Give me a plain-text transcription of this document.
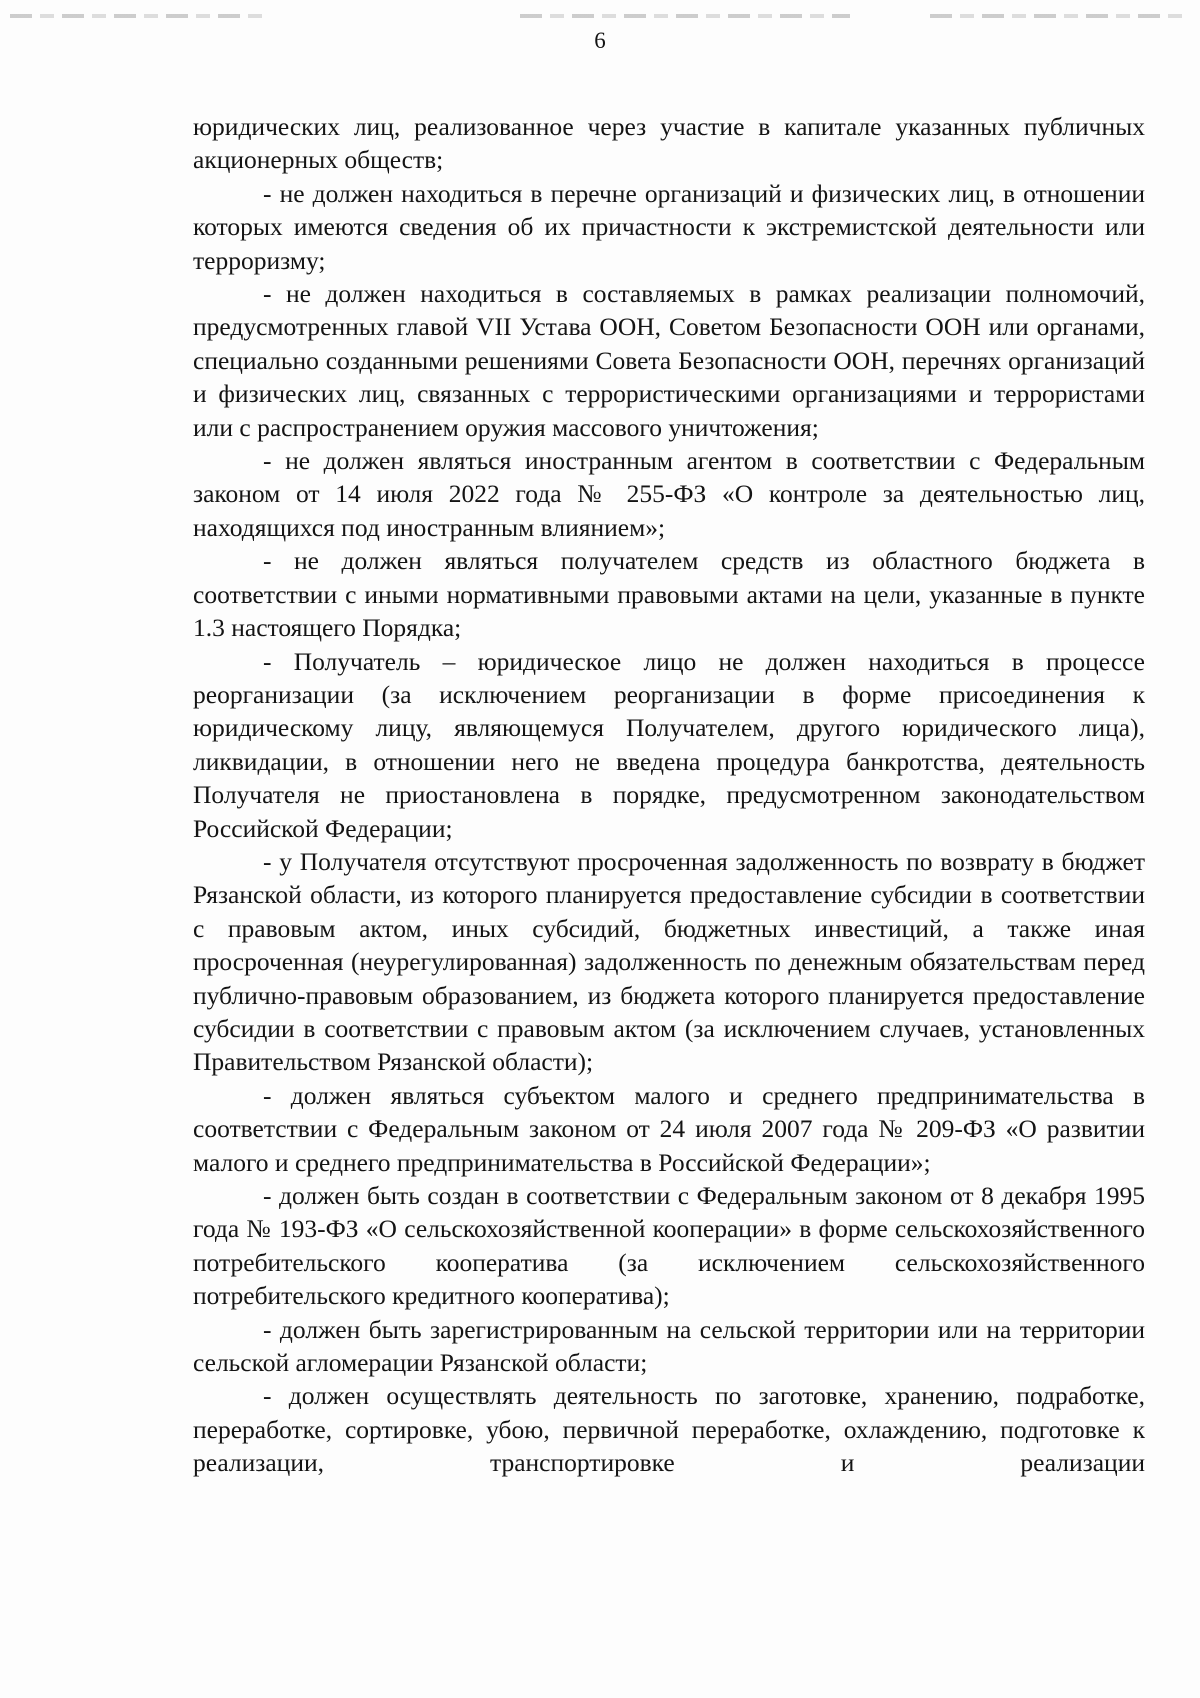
6

юридических лиц, реализованное через участие в капитале указанных публичных акционерных обществ;

- не должен находиться в перечне организаций и физических лиц, в отношении которых имеются сведения об их причастности к экстремистской деятельности или терроризму;

- не должен находиться в составляемых в рамках реализации полномочий, предусмотренных главой VII Устава ООН, Советом Безопасности ООН или органами, специально созданными решениями Совета Безопасности ООН, перечнях организаций и физических лиц, связанных с террористическими организациями и террористами или с распространением оружия массового уничтожения;

- не должен являться иностранным агентом в соответствии с Федеральным законом от 14 июля 2022 года № 255-ФЗ «О контроле за деятельностью лиц, находящихся под иностранным влиянием»;

- не должен являться получателем средств из областного бюджета в соответствии с иными нормативными правовыми актами на цели, указанные в пункте 1.3 настоящего Порядка;

- Получатель – юридическое лицо не должен находиться в процессе реорганизации (за исключением реорганизации в форме присоединения к юридическому лицу, являющемуся Получателем, другого юридического лица), ликвидации, в отношении него не введена процедура банкротства, деятельность Получателя не приостановлена в порядке, предусмотренном законодательством Российской Федерации;

- у Получателя отсутствуют просроченная задолженность по возврату в бюджет Рязанской области, из которого планируется предоставление субсидии в соответствии с правовым актом, иных субсидий, бюджетных инвестиций, а также иная просроченная (неурегулированная) задолженность по денежным обязательствам перед публично-правовым образованием, из бюджета которого планируется предоставление субсидии в соответствии с правовым актом (за исключением случаев, установленных Правительством Рязанской области);

- должен являться субъектом малого и среднего предпринимательства в соответствии с Федеральным законом от 24 июля 2007 года № 209-ФЗ «О развитии малого и среднего предпринимательства в Российской Федерации»;

- должен быть создан в соответствии с Федеральным законом от 8 декабря 1995 года № 193-ФЗ «О сельскохозяйственной кооперации» в форме сельскохозяйственного потребительского кооператива (за исключением сельскохозяйственного потребительского кредитного кооператива);

- должен быть зарегистрированным на сельской территории или на территории сельской агломерации Рязанской области;

- должен осуществлять деятельность по заготовке, хранению, подработке, переработке, сортировке, убою, первичной переработке, охлаждению, подготовке к реализации, транспортировке и реализации
